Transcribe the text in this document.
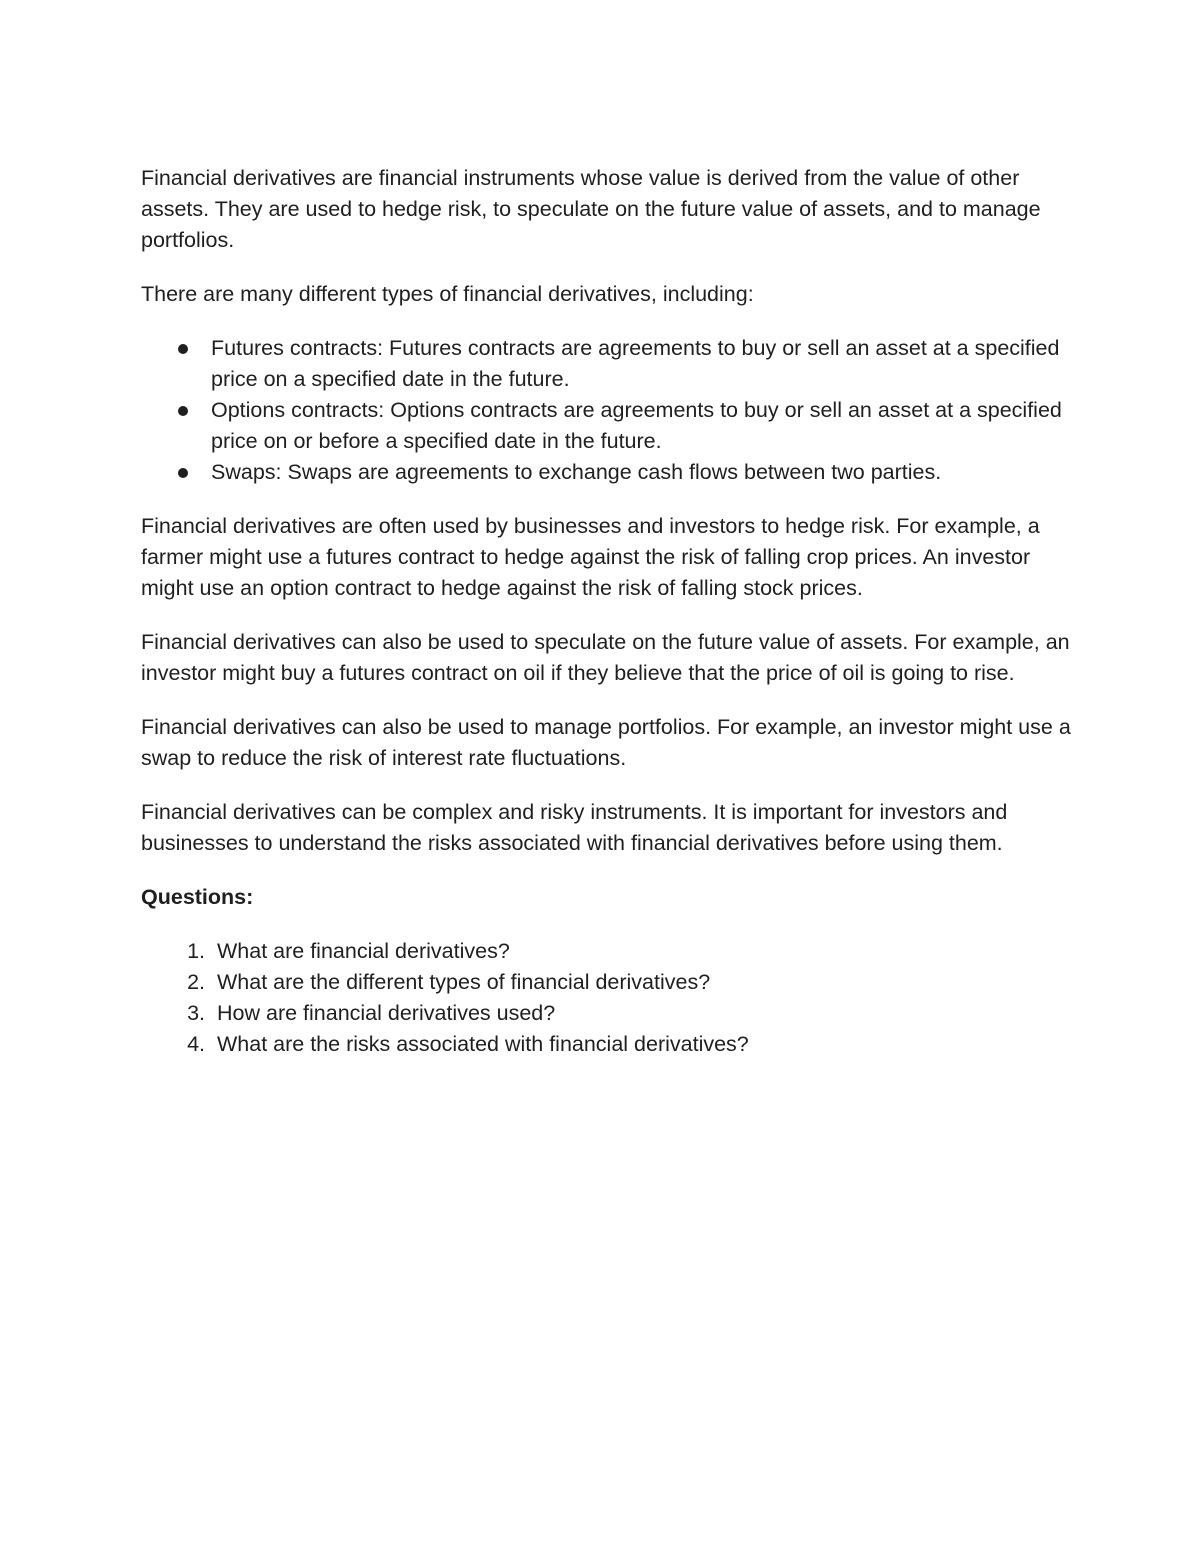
Financial derivatives are financial instruments whose value is derived from the value of other assets. They are used to hedge risk, to speculate on the future value of assets, and to manage portfolios.

There are many different types of financial derivatives, including:

Futures contracts: Futures contracts are agreements to buy or sell an asset at a specified price on a specified date in the future.
Options contracts: Options contracts are agreements to buy or sell an asset at a specified price on or before a specified date in the future.
Swaps: Swaps are agreements to exchange cash flows between two parties.

Financial derivatives are often used by businesses and investors to hedge risk. For example, a farmer might use a futures contract to hedge against the risk of falling crop prices. An investor might use an option contract to hedge against the risk of falling stock prices.

Financial derivatives can also be used to speculate on the future value of assets. For example, an investor might buy a futures contract on oil if they believe that the price of oil is going to rise.

Financial derivatives can also be used to manage portfolios. For example, an investor might use a swap to reduce the risk of interest rate fluctuations.

Financial derivatives can be complex and risky instruments. It is important for investors and businesses to understand the risks associated with financial derivatives before using them.

Questions:

1. What are financial derivatives?
2. What are the different types of financial derivatives?
3. How are financial derivatives used?
4. What are the risks associated with financial derivatives?
